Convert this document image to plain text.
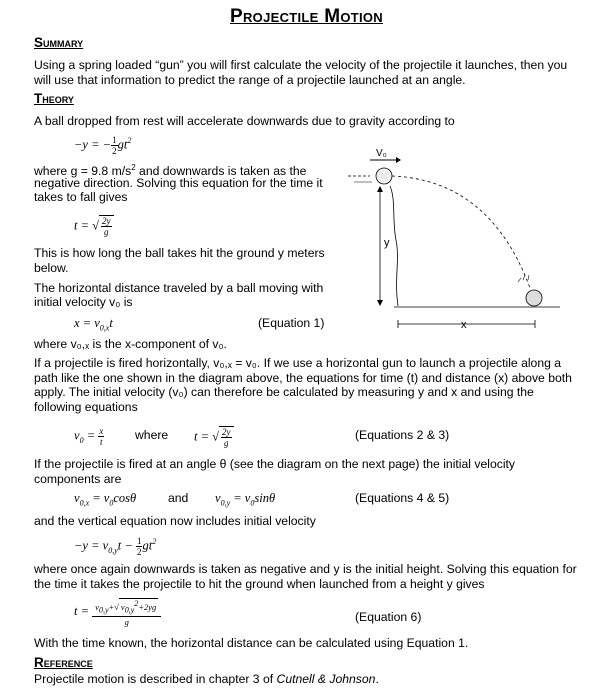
Projectile Motion
Summary
Using a spring loaded “gun” you will first calculate the velocity of the projectile it launches, then you will use that information to predict the range of a projectile launched at an angle.
Theory
A ball dropped from rest will accelerate downwards due to gravity according to
−y = − $\frac{1}{2} gt^2$
where g = 9.8 $m/s^2$ and downwards is taken as the
negative direction. Solving this equation for the time it
takes to fall gives
t = √ $\frac{2y}{g}$
This is how long the ball takes hit the ground y meters
below.
The horizontal distance traveled by a ball moving with
initial velocity v₀ is
$x = v_{0,x}t$	(Equation 1)
where v₀,ₓ is the x-component of v₀.
If a projectile is fired horizontally, v₀,ₓ = v₀. If we use a horizontal gun to launch a projectile along a path like the one shown in the diagram above, the equations for time (t) and distance (x) above both apply. The initial velocity (v₀) can therefore be calculated by measuring y and x and using the following equations
$v_0 = \frac{x}{t}$	where t = √ $\frac{2y}{g}$	(Equations 2 & 3)
If the projectile is fired at an angle θ (see the diagram on the next page) the initial velocity components are
$v_{0,x} = v_0\cos\theta$	and $v_{0,y} = v_0\sin\theta$	(Equations 4 & 5)
and the vertical equation now includes initial velocity
$-y = v_{0,y}t - \frac{1}{2} gt^2$
where once again downwards is taken as negative and y is the initial height. Solving this equation for the time it takes the projectile to hit the ground when launched from a height y gives
$t = \frac{v_{0,y}+√ v_{0,y}^2+2yg}{g}$	(Equation 6)
With the time known, the horizontal distance can be calculated using Equation 1.
Reference
Projectile motion is described in chapter 3 of Cutnell & Johnson.
V₀
y
x
